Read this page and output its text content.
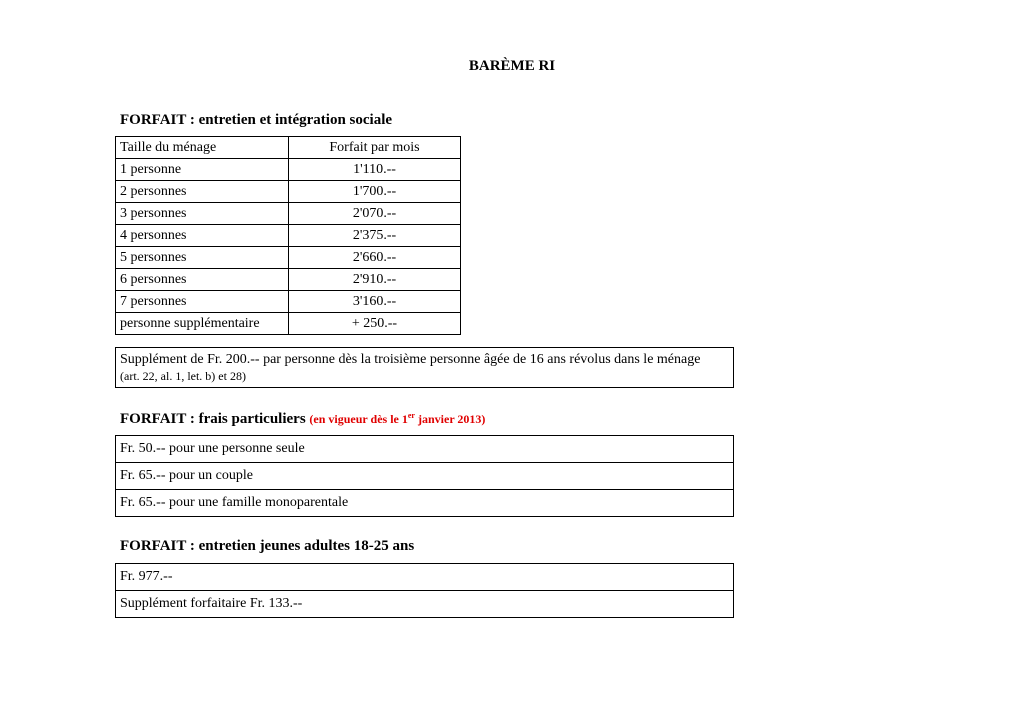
BARÈME RI
FORFAIT : entretien et intégration sociale
Taille du ménage	Forfait par mois
1 personne	1'110.--
2 personnes	1'700.--
3 personnes	2'070.--
4 personnes	2'375.--
5 personnes	2'660.--
6 personnes	2'910.--
7 personnes	3'160.--
personne supplémentaire	+ 250.--
Supplément de Fr. 200.-- par personne dès la troisième personne âgée de 16 ans révolus dans le ménage
(art. 22, al. 1, let. b) et 28)
FORFAIT : frais particuliers (en vigueur dès le 1er janvier 2013)
Fr. 50.-- pour une personne seule
Fr. 65.-- pour un couple
Fr. 65.-- pour une famille monoparentale
FORFAIT : entretien jeunes adultes 18-25 ans
Fr. 977.--
Supplément forfaitaire Fr. 133.--
